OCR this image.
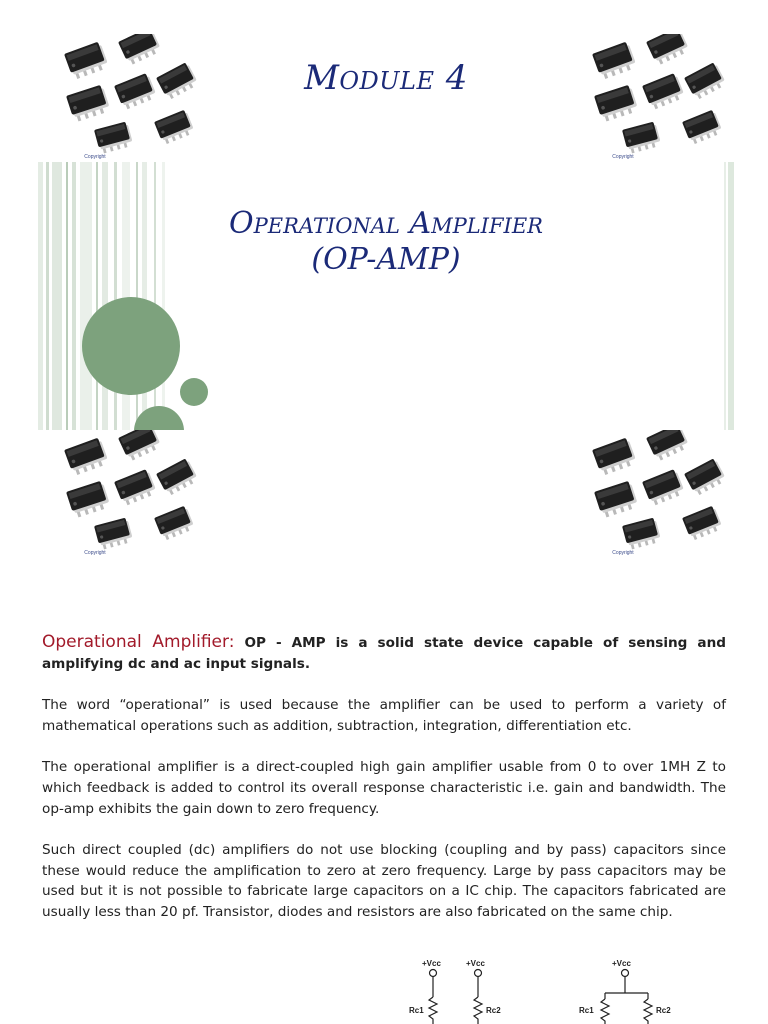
Copyright	Copyright
Copyright	Copyright
Module 4
Operational Amplifier
(OP-AMP)

Operational Amplifier: OP - AMP is a solid state device capable of sensing and amplifying dc and ac input signals.

The word “operational” is used because the amplifier can be used to perform a variety of mathematical operations such as addition, subtraction, integration, differentiation etc.

The operational amplifier is a direct-coupled high gain amplifier usable from 0 to over 1MH Z to which feedback is added to control its overall response characteristic i.e. gain and bandwidth. The op-amp exhibits the gain down to zero frequency.

Such direct coupled (dc) amplifiers do not use blocking (coupling and by pass) capacitors since these would reduce the amplification to zero at zero frequency. Large by pass capacitors may be used but it is not possible to fabricate large capacitors on a IC chip. The capacitors fabricated are usually less than 20 pf. Transistor, diodes and resistors are also fabricated on the same chip.

+Vcc
Rc1
+Vcc
Rc2
+Vcc
Rc1	Rc2
